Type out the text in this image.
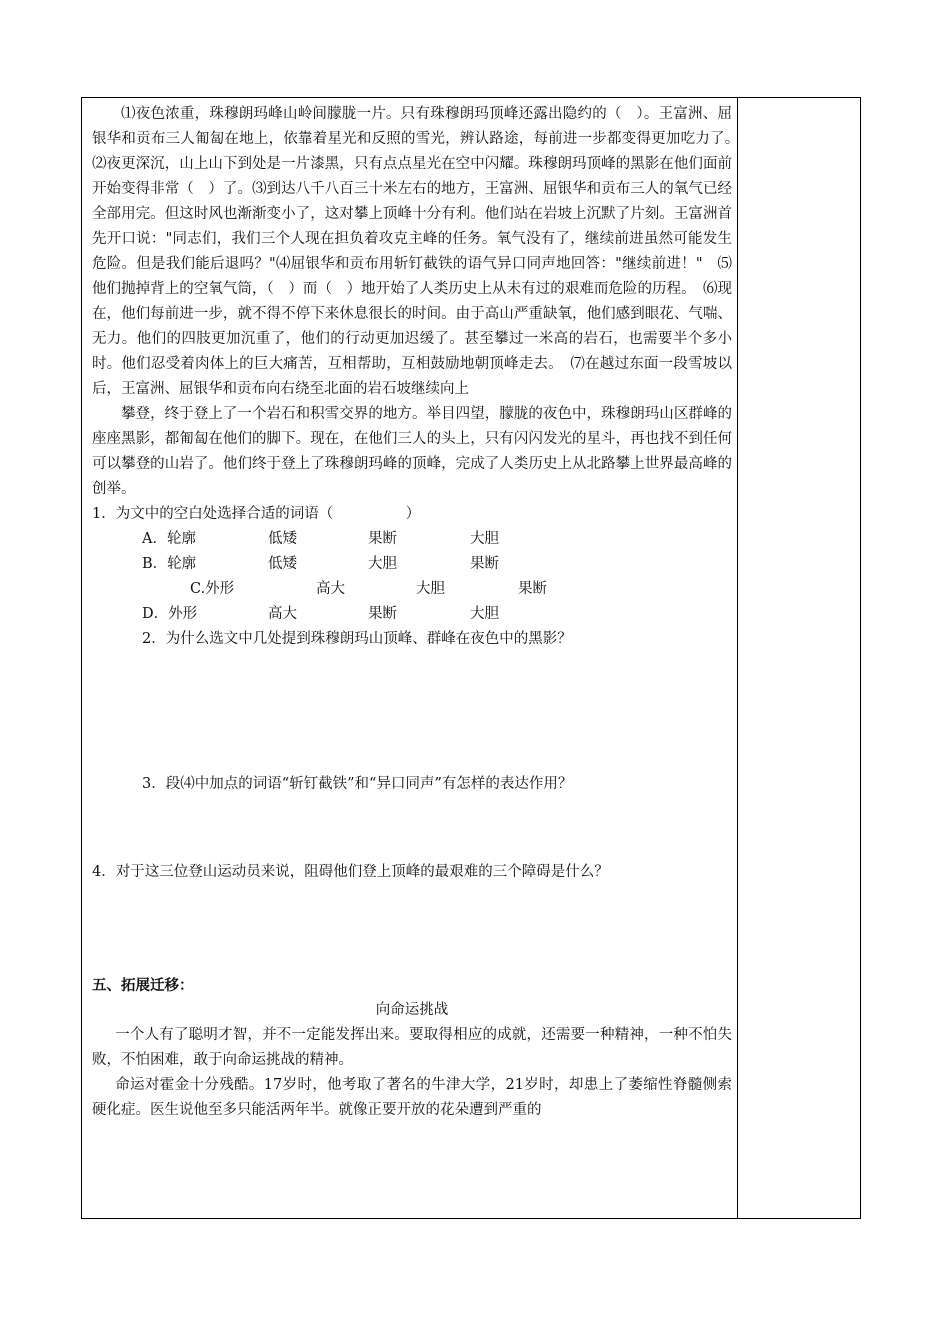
⑴夜色浓重，珠穆朗玛峰山岭间朦胧一片。只有珠穆朗玛顶峰还露出隐约的（　）。王富洲、屈银华和贡布三人匍匐在地上，依靠着星光和反照的雪光，辨认路途，每前进一步都变得更加吃力了。　⑵夜更深沉，山上山下到处是一片漆黑，只有点点星光在空中闪耀。珠穆朗玛顶峰的黑影在他们面前开始变得非常（　）了。⑶到达八千八百三十米左右的地方，王富洲、屈银华和贡布三人的氧气已经全部用完。但这时风也渐渐变小了，这对攀上顶峰十分有利。他们站在岩坡上沉默了片刻。王富洲首先开口说："同志们，我们三个人现在担负着攻克主峰的任务。氧气没有了，继续前进虽然可能发生危险。但是我们能后退吗？"⑷屈银华和贡布用斩钉截铁的语气异口同声地回答："继续前进！"　⑸他们抛掉背上的空氧气筒，（　）而（　）地开始了人类历史上从未有过的艰难而危险的历程。　⑹现在，他们每前进一步，就不得不停下来休息很长的时间。由于高山严重缺氧，他们感到眼花、气喘、无力。他们的四肢更加沉重了，他们的行动更加迟缓了。甚至攀过一米高的岩石，也需要半个多小时。他们忍受着肉体上的巨大痛苦，互相帮助，互相鼓励地朝顶峰走去。　⑺在越过东面一段雪坡以后，王富洲、屈银华和贡布向右绕至北面的岩石坡继续向上

攀登，终于登上了一个岩石和积雪交界的地方。举目四望，朦胧的夜色中，珠穆朗玛山区群峰的座座黑影，都匍匐在他们的脚下。现在，在他们三人的头上，只有闪闪发光的星斗，再也找不到任何可以攀登的山岩了。他们终于登上了珠穆朗玛峰的顶峰，完成了人类历史上从北路攀上世界最高峰的创举。

1．为文中的空白处选择合适的词语（　　　　　）

A．轮廓	低矮	果断	大胆
B．轮廓	低矮	大胆	果断
C.外形	高大	大胆	果断
D．外形	高大	果断	大胆

2．为什么选文中几处提到珠穆朗玛山顶峰、群峰在夜色中的黑影？

3．段⑷中加点的词语“斩钉截铁”和“异口同声”有怎样的表达作用？

4．对于这三位登山运动员来说，阻碍他们登上顶峰的最艰难的三个障碍是什么？

五、拓展迁移：

向命运挑战

一个人有了聪明才智，并不一定能发挥出来。要取得相应的成就，还需要一种精神，一种不怕失败，不怕困难，敢于向命运挑战的精神。

命运对霍金十分残酷。17岁时，他考取了著名的牛津大学，21岁时，却患上了萎缩性脊髓侧索硬化症。医生说他至多只能活两年半。就像正要开放的花朵遭到严重的
